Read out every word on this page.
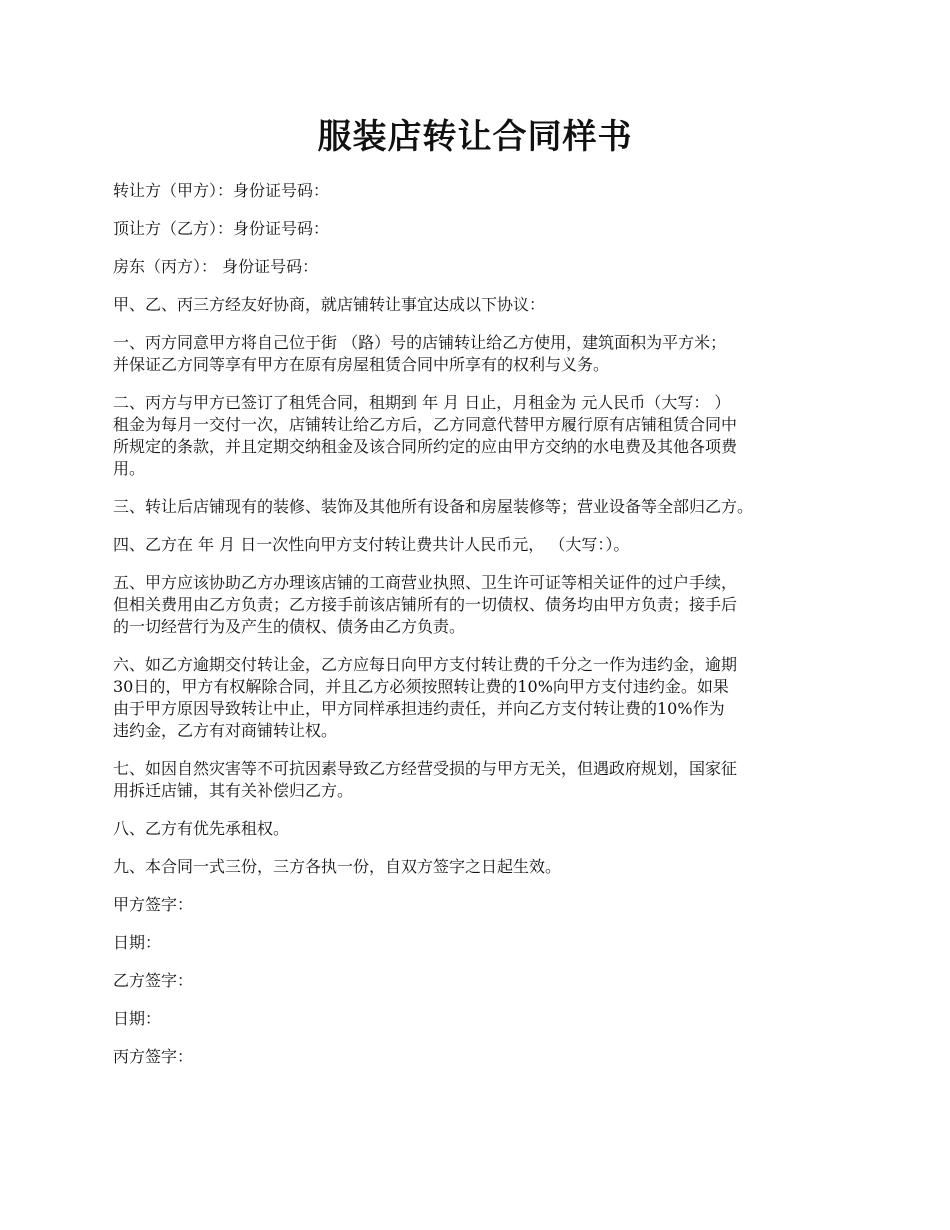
服装店转让合同样书

转让方（甲方）：身份证号码：

顶让方（乙方）：身份证号码：

房东（丙方）： 身份证号码：

甲、乙、丙三方经友好协商，就店铺转让事宜达成以下协议：

一、丙方同意甲方将自己位于街 （路）号的店铺转让给乙方使用，建筑面积为平方米；
并保证乙方同等享有甲方在原有房屋租赁合同中所享有的权利与义务。

二、丙方与甲方已签订了租凭合同，租期到 年 月 日止，月租金为 元人民币（大写： ）
租金为每月一交付一次，店铺转让给乙方后，乙方同意代替甲方履行原有店铺租赁合同中
所规定的条款，并且定期交纳租金及该合同所约定的应由甲方交纳的水电费及其他各项费
用。

三、转让后店铺现有的装修、装饰及其他所有设备和房屋装修等；营业设备等全部归乙方。

四、乙方在 年 月 日一次性向甲方支付转让费共计人民币元， （大写：）。

五、甲方应该协助乙方办理该店铺的工商营业执照、卫生许可证等相关证件的过户手续，
但相关费用由乙方负责；乙方接手前该店铺所有的一切债权、债务均由甲方负责；接手后
的一切经营行为及产生的债权、债务由乙方负责。

六、如乙方逾期交付转让金，乙方应每日向甲方支付转让费的千分之一作为违约金，逾期
30日的，甲方有权解除合同，并且乙方必须按照转让费的10%向甲方支付违约金。如果
由于甲方原因导致转让中止，甲方同样承担违约责任，并向乙方支付转让费的10%作为
违约金，乙方有对商铺转让权。

七、如因自然灾害等不可抗因素导致乙方经营受损的与甲方无关，但遇政府规划，国家征
用拆迁店铺，其有关补偿归乙方。

八、乙方有优先承租权。

九、本合同一式三份，三方各执一份，自双方签字之日起生效。

甲方签字：

日期：

乙方签字：

日期：

丙方签字：
